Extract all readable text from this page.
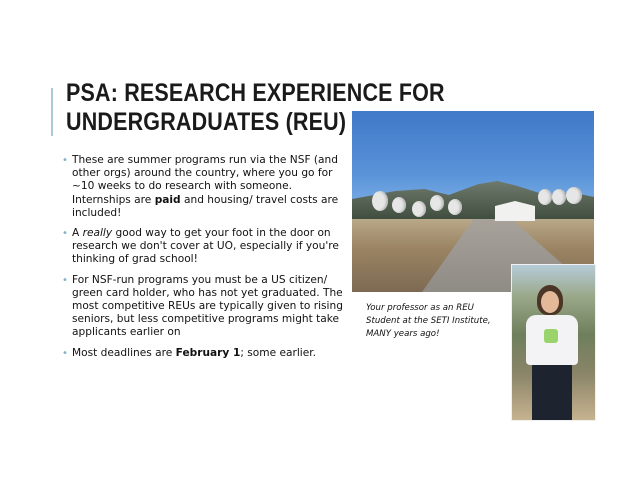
PSA: RESEARCH EXPERIENCE FOR
UNDERGRADUATES (REU)
• These are summer programs run via the NSF (and other orgs) around the country, where you go for ~10 weeks to do research with someone. Internships are paid and housing/ travel costs are included!
• A really good way to get your foot in the door on research we don't cover at UO, especially if you're thinking of grad school!
• For NSF-run programs you must be a US citizen/ green card holder, who has not yet graduated. The most competitive REUs are typically given to rising seniors, but less competitive programs might take applicants earlier on
• Most deadlines are February 1; some earlier.
Your professor as an REU
Student at the SETI Institute,
MANY years ago!
